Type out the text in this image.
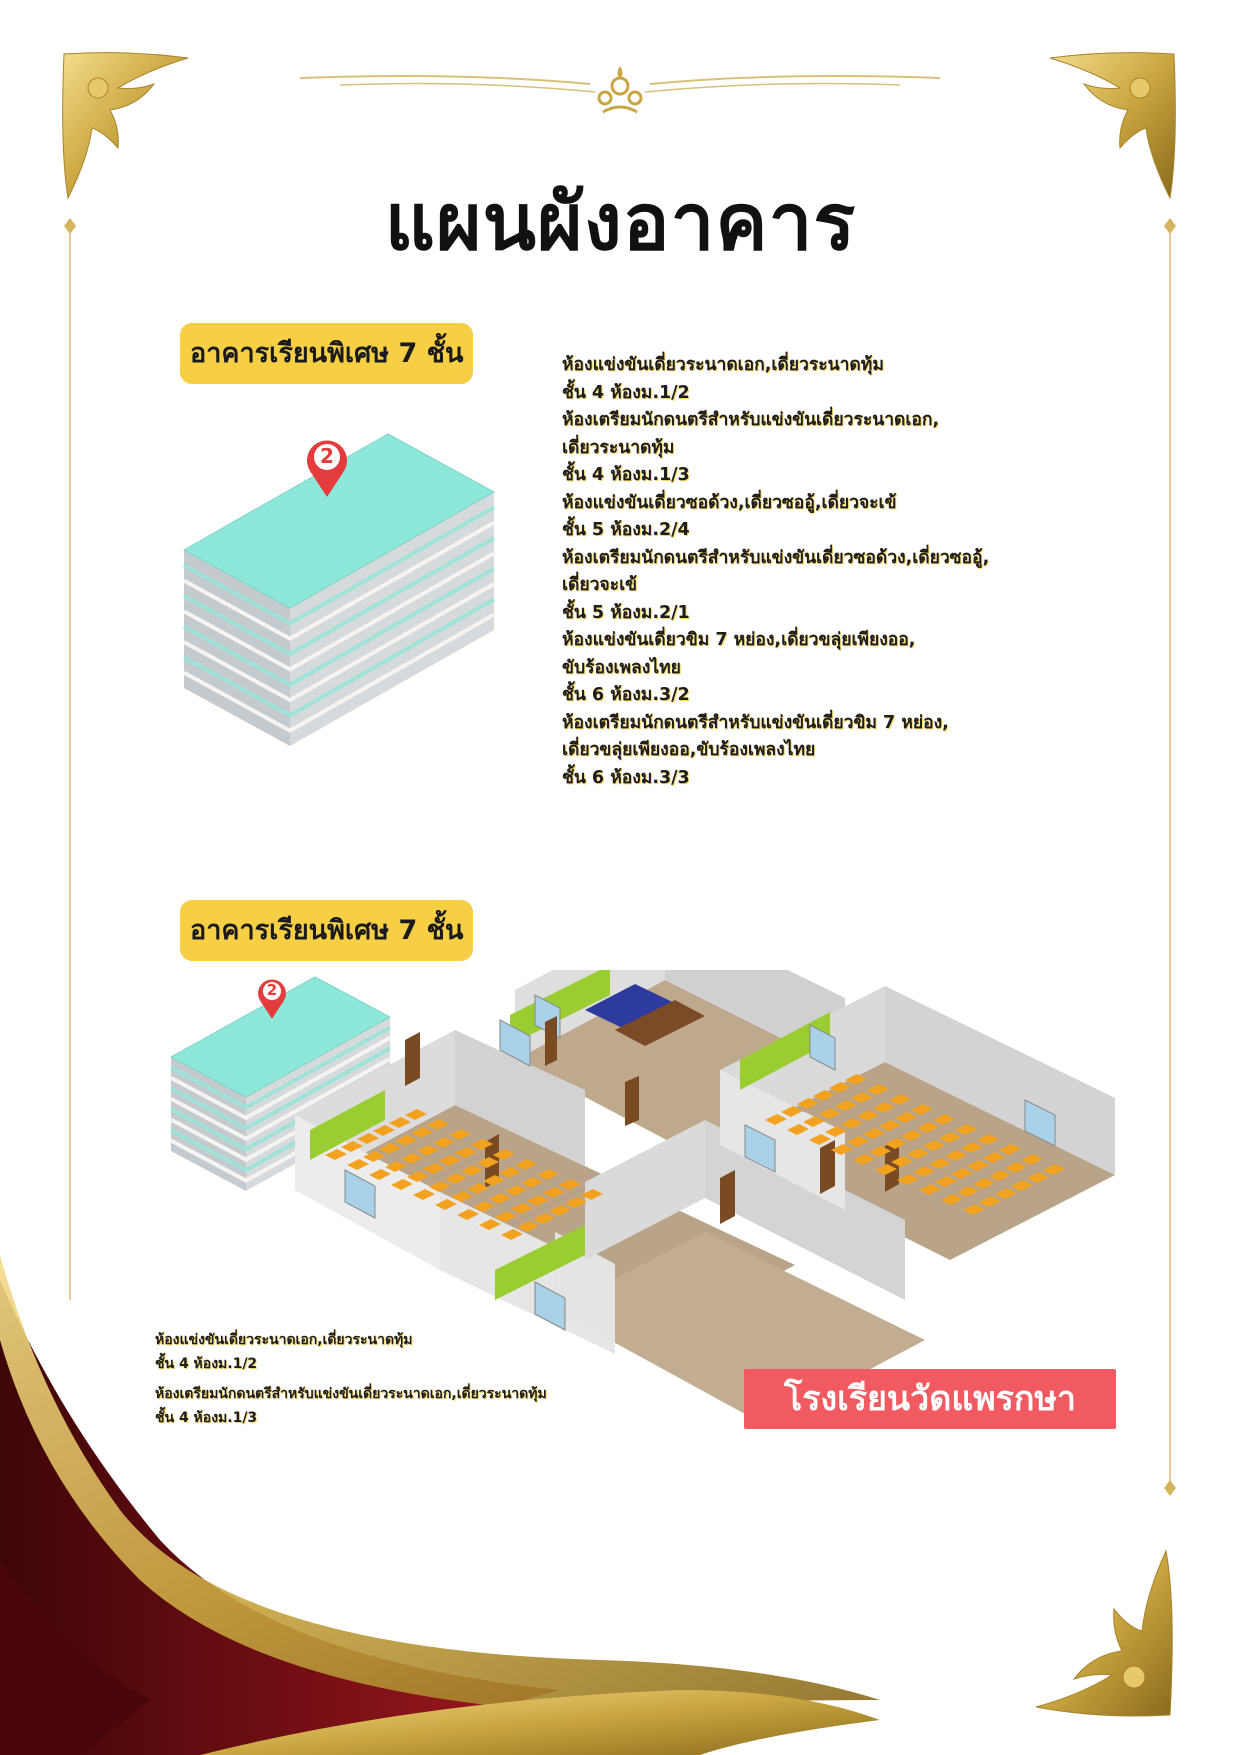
แผนผังอาคาร
อาคารเรียนพิเศษ 7 ชั้น
2
ห้องแข่งขันเดี่ยวระนาดเอก,เดี่ยวระนาดทุ้ม
ชั้น 4 ห้องม.1/2
ห้องเตรียมนักดนตรีสำหรับแข่งขันเดี่ยวระนาดเอก,
เดี่ยวระนาดทุ้ม
ชั้น 4 ห้องม.1/3
ห้องแข่งขันเดี่ยวซอด้วง,เดี่ยวซออู้,เดี่ยวจะเข้
ชั้น 5 ห้องม.2/4
ห้องเตรียมนักดนตรีสำหรับแข่งขันเดี่ยวซอด้วง,เดี่ยวซออู้,
เดี่ยวจะเข้
ชั้น 5 ห้องม.2/1
ห้องแข่งขันเดี่ยวขิม 7 หย่อง,เดี่ยวขลุ่ยเพียงออ,
ขับร้องเพลงไทย
ชั้น 6 ห้องม.3/2
ห้องเตรียมนักดนตรีสำหรับแข่งขันเดี่ยวขิม 7 หย่อง,
เดี่ยวขลุ่ยเพียงออ,ขับร้องเพลงไทย
ชั้น 6 ห้องม.3/3
อาคารเรียนพิเศษ 7 ชั้น
2
ห้องแข่งขันเดี่ยวระนาดเอก,เดี่ยวระนาดทุ้ม
ชั้น 4 ห้องม.1/2
ห้องเตรียมนักดนตรีสำหรับแข่งขันเดี่ยวระนาดเอก,เดี่ยวระนาดทุ้ม
ชั้น 4 ห้องม.1/3	โรงเรียนวัดแพรกษา
